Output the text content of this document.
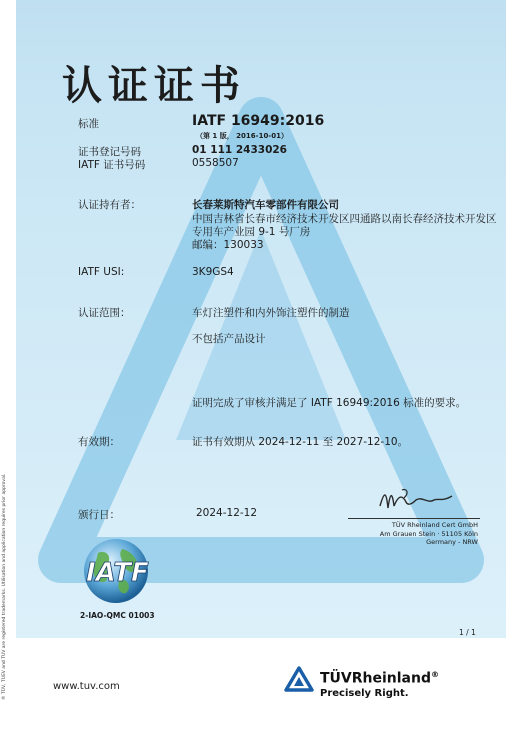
认证证书
标准	IATF 16949:2016
（第 1 版， 2016-10-01）
证书登记号码	01 111 2433026
IATF 证书号码	0558507
认证持有者：	长春莱斯特汽车零部件有限公司
中国吉林省长春市经济技术开发区四通路以南长春经济技术开发区
专用车产业园 9-1 号厂房
邮编：130033
IATF USI:	3K9GS4
认证范围：	车灯注塑件和内外饰注塑件的制造
不包括产品设计
证明完成了审核并满足了 IATF 16949:2016 标准的要求。
有效期：	证书有效期从 2024-12-11 至 2027-12-10。
颁行日：	2024-12-12
TÜV Rheinland Cert GmbH
Am Grauen Stein · 51105 Köln
Germany - NRW
IATF
2-IAO-QMC 01003
1 / 1
www.tuv.com	TÜVRheinland®
Precisely Right.
® TÜV, TUEV and TUV are registered trademarks. Utilisation and application requires prior approval.
